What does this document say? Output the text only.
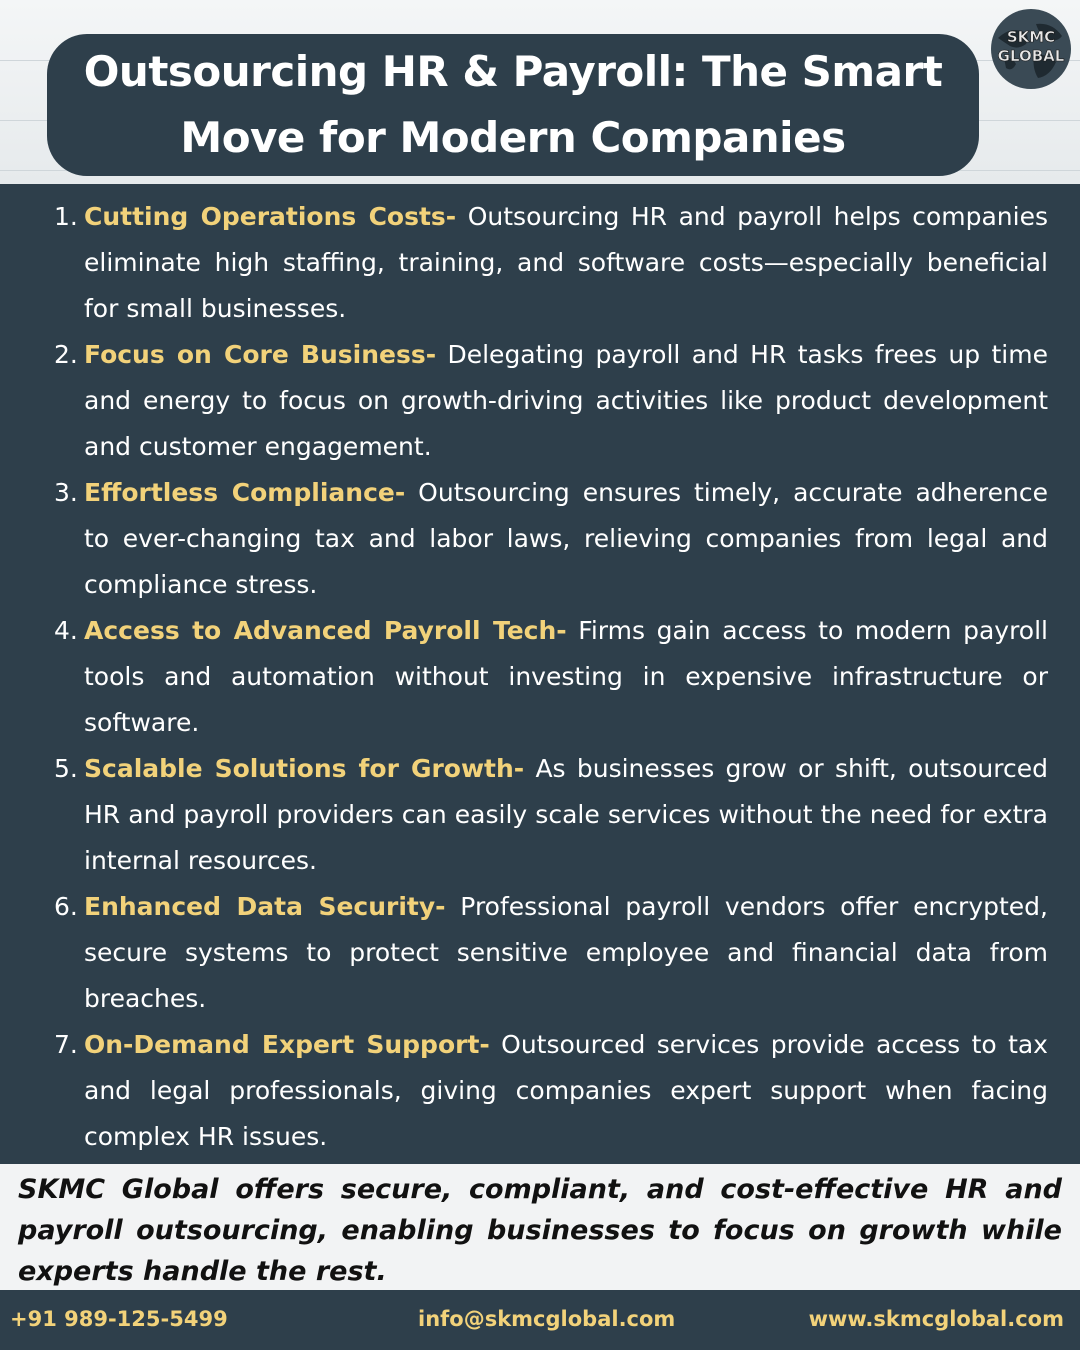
Outsourcing HR & Payroll: The Smart
Move for Modern Companies
SKMC
GLOBAL
1. Cutting Operations Costs- Outsourcing HR and payroll helps companies eliminate high staffing, training, and software costs—especially beneficial for small businesses.
2. Focus on Core Business- Delegating payroll and HR tasks frees up time and energy to focus on growth-driving activities like product development and customer engagement.
3. Effortless Compliance- Outsourcing ensures timely, accurate adherence to ever-changing tax and labor laws, relieving companies from legal and compliance stress.
4. Access to Advanced Payroll Tech- Firms gain access to modern payroll tools and automation without investing in expensive infrastructure or software.
5. Scalable Solutions for Growth- As businesses grow or shift, outsourced HR and payroll providers can easily scale services without the need for extra internal resources.
6. Enhanced Data Security- Professional payroll vendors offer encrypted, secure systems to protect sensitive employee and financial data from breaches.
7. On-Demand Expert Support- Outsourced services provide access to tax and legal professionals, giving companies expert support when facing complex HR issues.

SKMC Global offers secure, compliant, and cost-effective HR and payroll outsourcing, enabling businesses to focus on growth while experts handle the rest.

+91 989-125-5499	info@skmcglobal.com	www.skmcglobal.com
